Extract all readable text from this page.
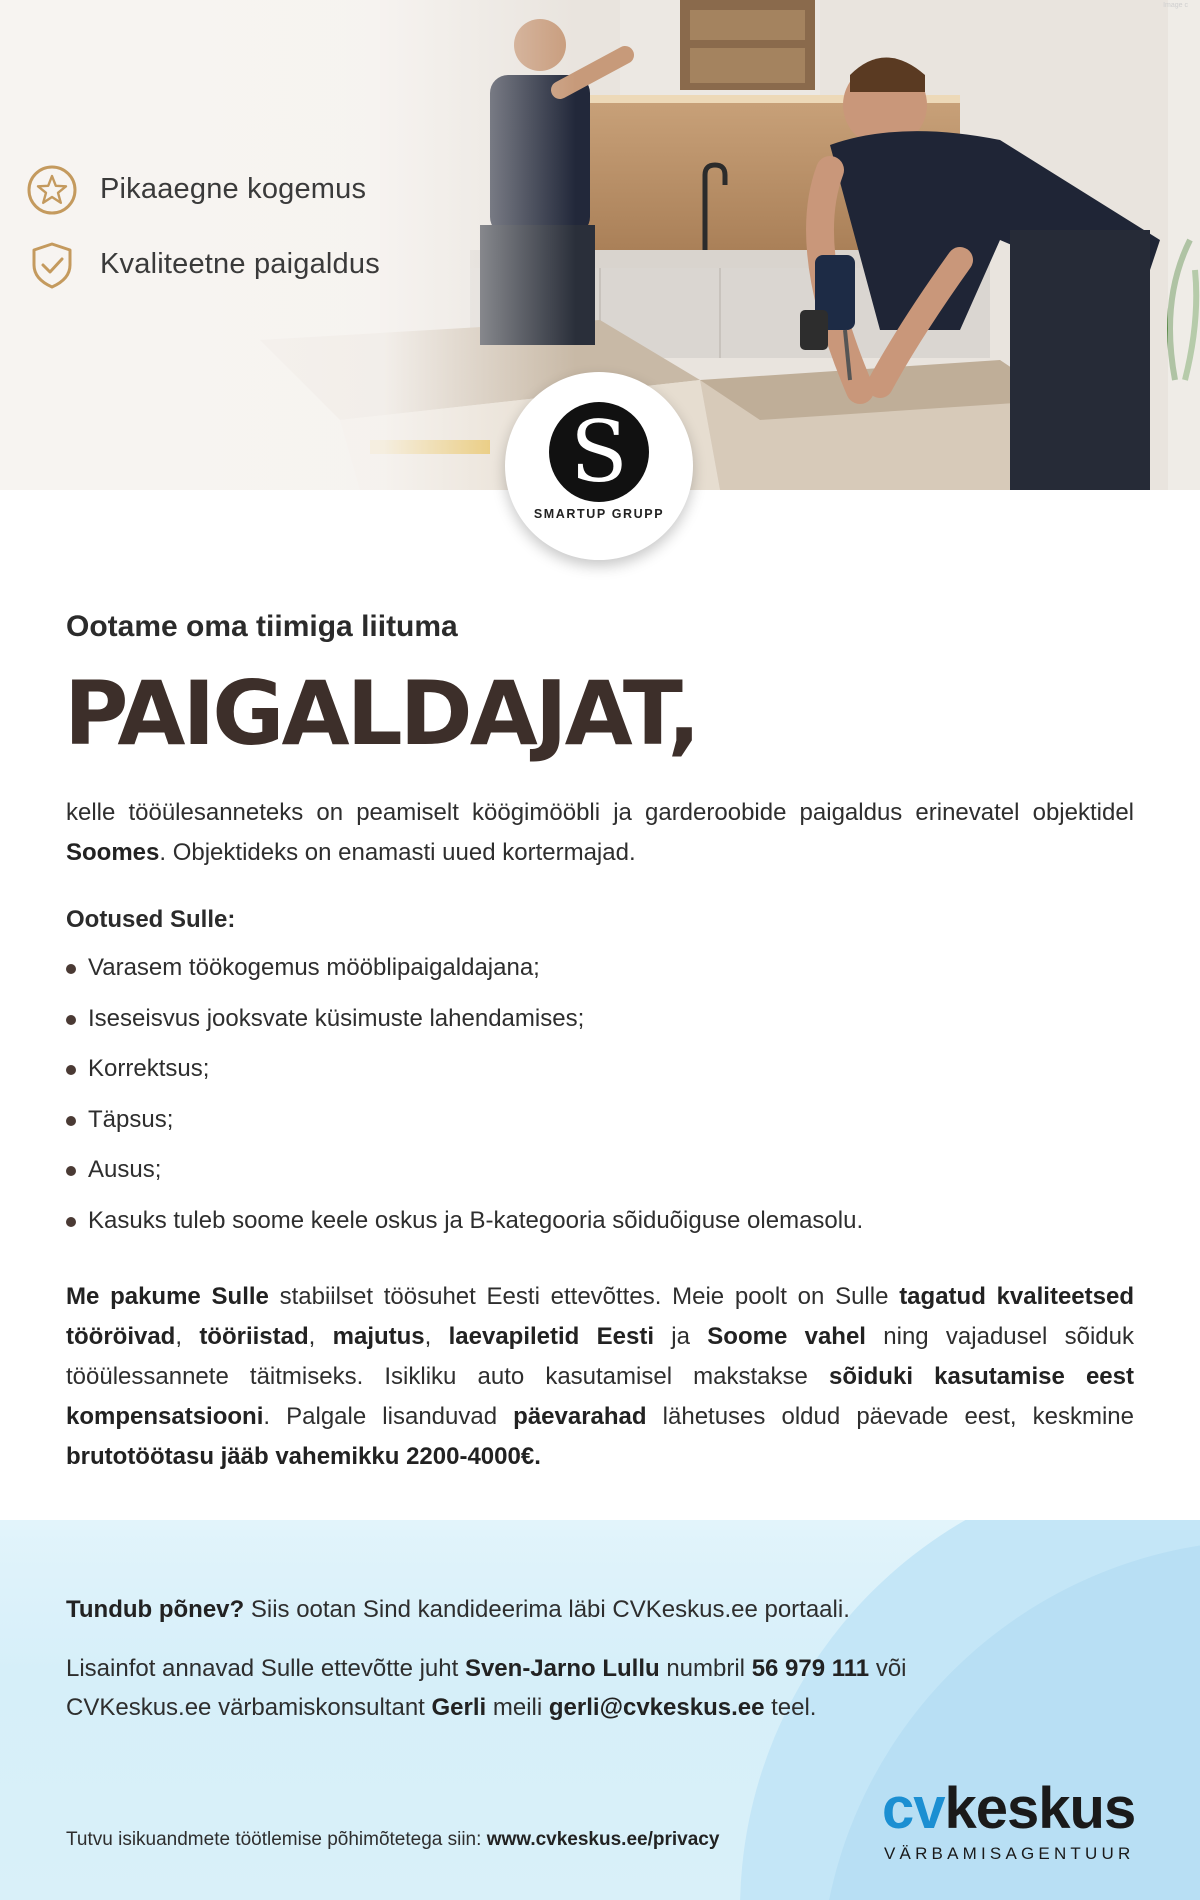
Pikaaegne kogemus
Kvaliteetne paigaldus
Image c
S
SMARTUP GRUPP
Ootame oma tiimiga liituma
PAIGALDAJAT,

kelle tööülesanneteks on peamiselt köögimööbli ja garderoobide paigaldus erinevatel objektidel Soomes. Objektideks on enamasti uued kortermajad.

Ootused Sulle:
Varasem töökogemus mööblipaigaldajana;
Iseseisvus jooksvate küsimuste lahendamises;
Korrektsus;
Täpsus;
Ausus;
Kasuks tuleb soome keele oskus ja B-kategooria sõiduõiguse olemasolu.

Me pakume Sulle stabiilset töösuhet Eesti ettevõttes. Meie poolt on Sulle tagatud kvaliteetsed tööröivad, tööriistad, majutus, laevapiletid Eesti ja Soome vahel ning vajadusel sõiduk tööülessannete täitmiseks. Isikliku auto kasutamisel makstakse sõiduki kasutamise eest kompensatsiooni. Palgale lisanduvad päevarahad lähetuses oldud päevade eest, keskmine brutotöötasu jääb vahemikku 2200-4000€.

Tundub põnev? Siis ootan Sind kandideerima läbi CVKeskus.ee portaali.
Lisainfot annavad Sulle ettevõtte juht Sven-Jarno Lullu numbril 56 979 111 või
CVKeskus.ee värbamiskonsultant Gerli meili gerli@cvkeskus.ee teel.
Tutvu isikuandmete töötlemise põhimõtetega siin: www.cvkeskus.ee/privacy	cvkeskus
VÄRBAMISAGENTUUR
